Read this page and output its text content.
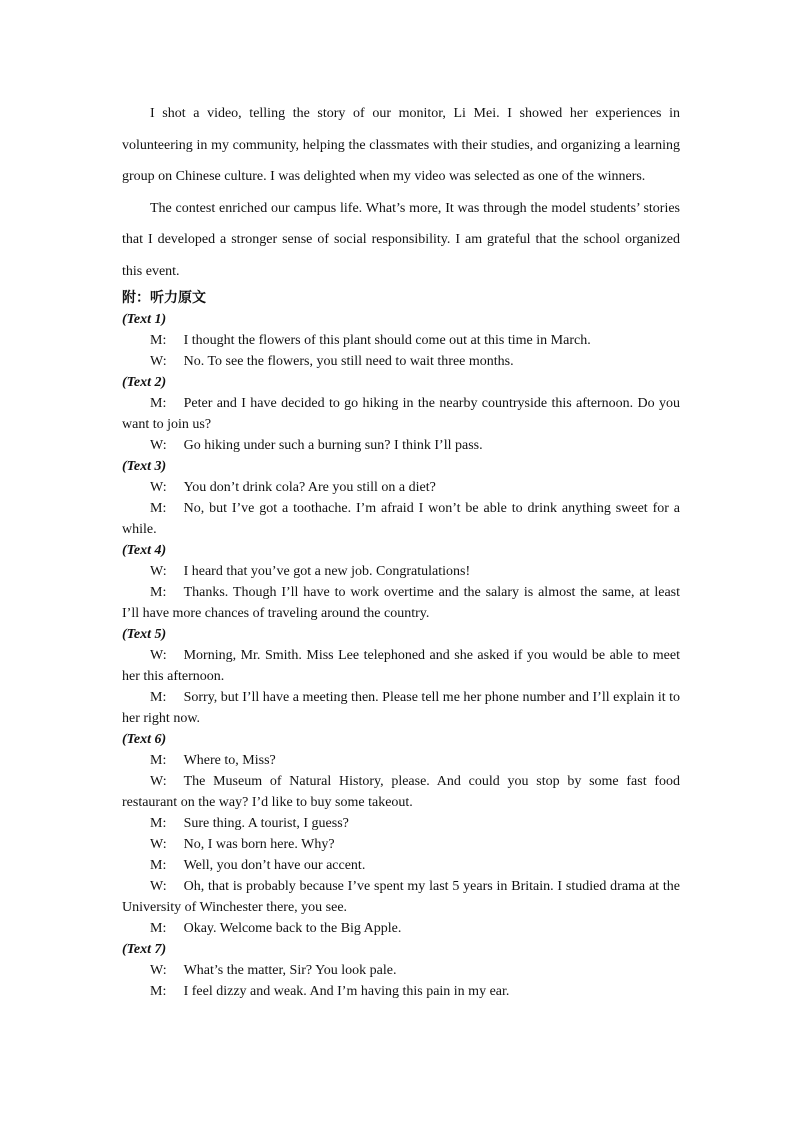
I shot a video, telling the story of our monitor, Li Mei. I showed her experiences in volunteering in my community, helping the classmates with their studies, and organizing a learning group on Chinese culture. I was delighted when my video was selected as one of the winners.

The contest enriched our campus life. What’s more, It was through the model students’ stories that I developed a stronger sense of social responsibility. I am grateful that the school organized this event.

附：听力原文
(Text 1)
M: I thought the flowers of this plant should come out at this time in March.
W: No. To see the flowers, you still need to wait three months.
(Text 2)
M: Peter and I have decided to go hiking in the nearby countryside this afternoon. Do you want to join us?
W: Go hiking under such a burning sun? I think I’ll pass.
(Text 3)
W: You don’t drink cola? Are you still on a diet?
M: No, but I’ve got a toothache. I’m afraid I won’t be able to drink anything sweet for a while.
(Text 4)
W: I heard that you’ve got a new job. Congratulations!
M: Thanks. Though I’ll have to work overtime and the salary is almost the same, at least I’ll have more chances of traveling around the country.
(Text 5)
W: Morning, Mr. Smith. Miss Lee telephoned and she asked if you would be able to meet her this afternoon.
M: Sorry, but I’ll have a meeting then. Please tell me her phone number and I’ll explain it to her right now.
(Text 6)
M: Where to, Miss?
W: The Museum of Natural History, please. And could you stop by some fast food restaurant on the way? I’d like to buy some takeout.
M: Sure thing. A tourist, I guess?
W: No, I was born here. Why?
M: Well, you don’t have our accent.
W: Oh, that is probably because I’ve spent my last 5 years in Britain. I studied drama at the University of Winchester there, you see.
M: Okay. Welcome back to the Big Apple.
(Text 7)
W: What’s the matter, Sir? You look pale.
M: I feel dizzy and weak. And I’m having this pain in my ear.
